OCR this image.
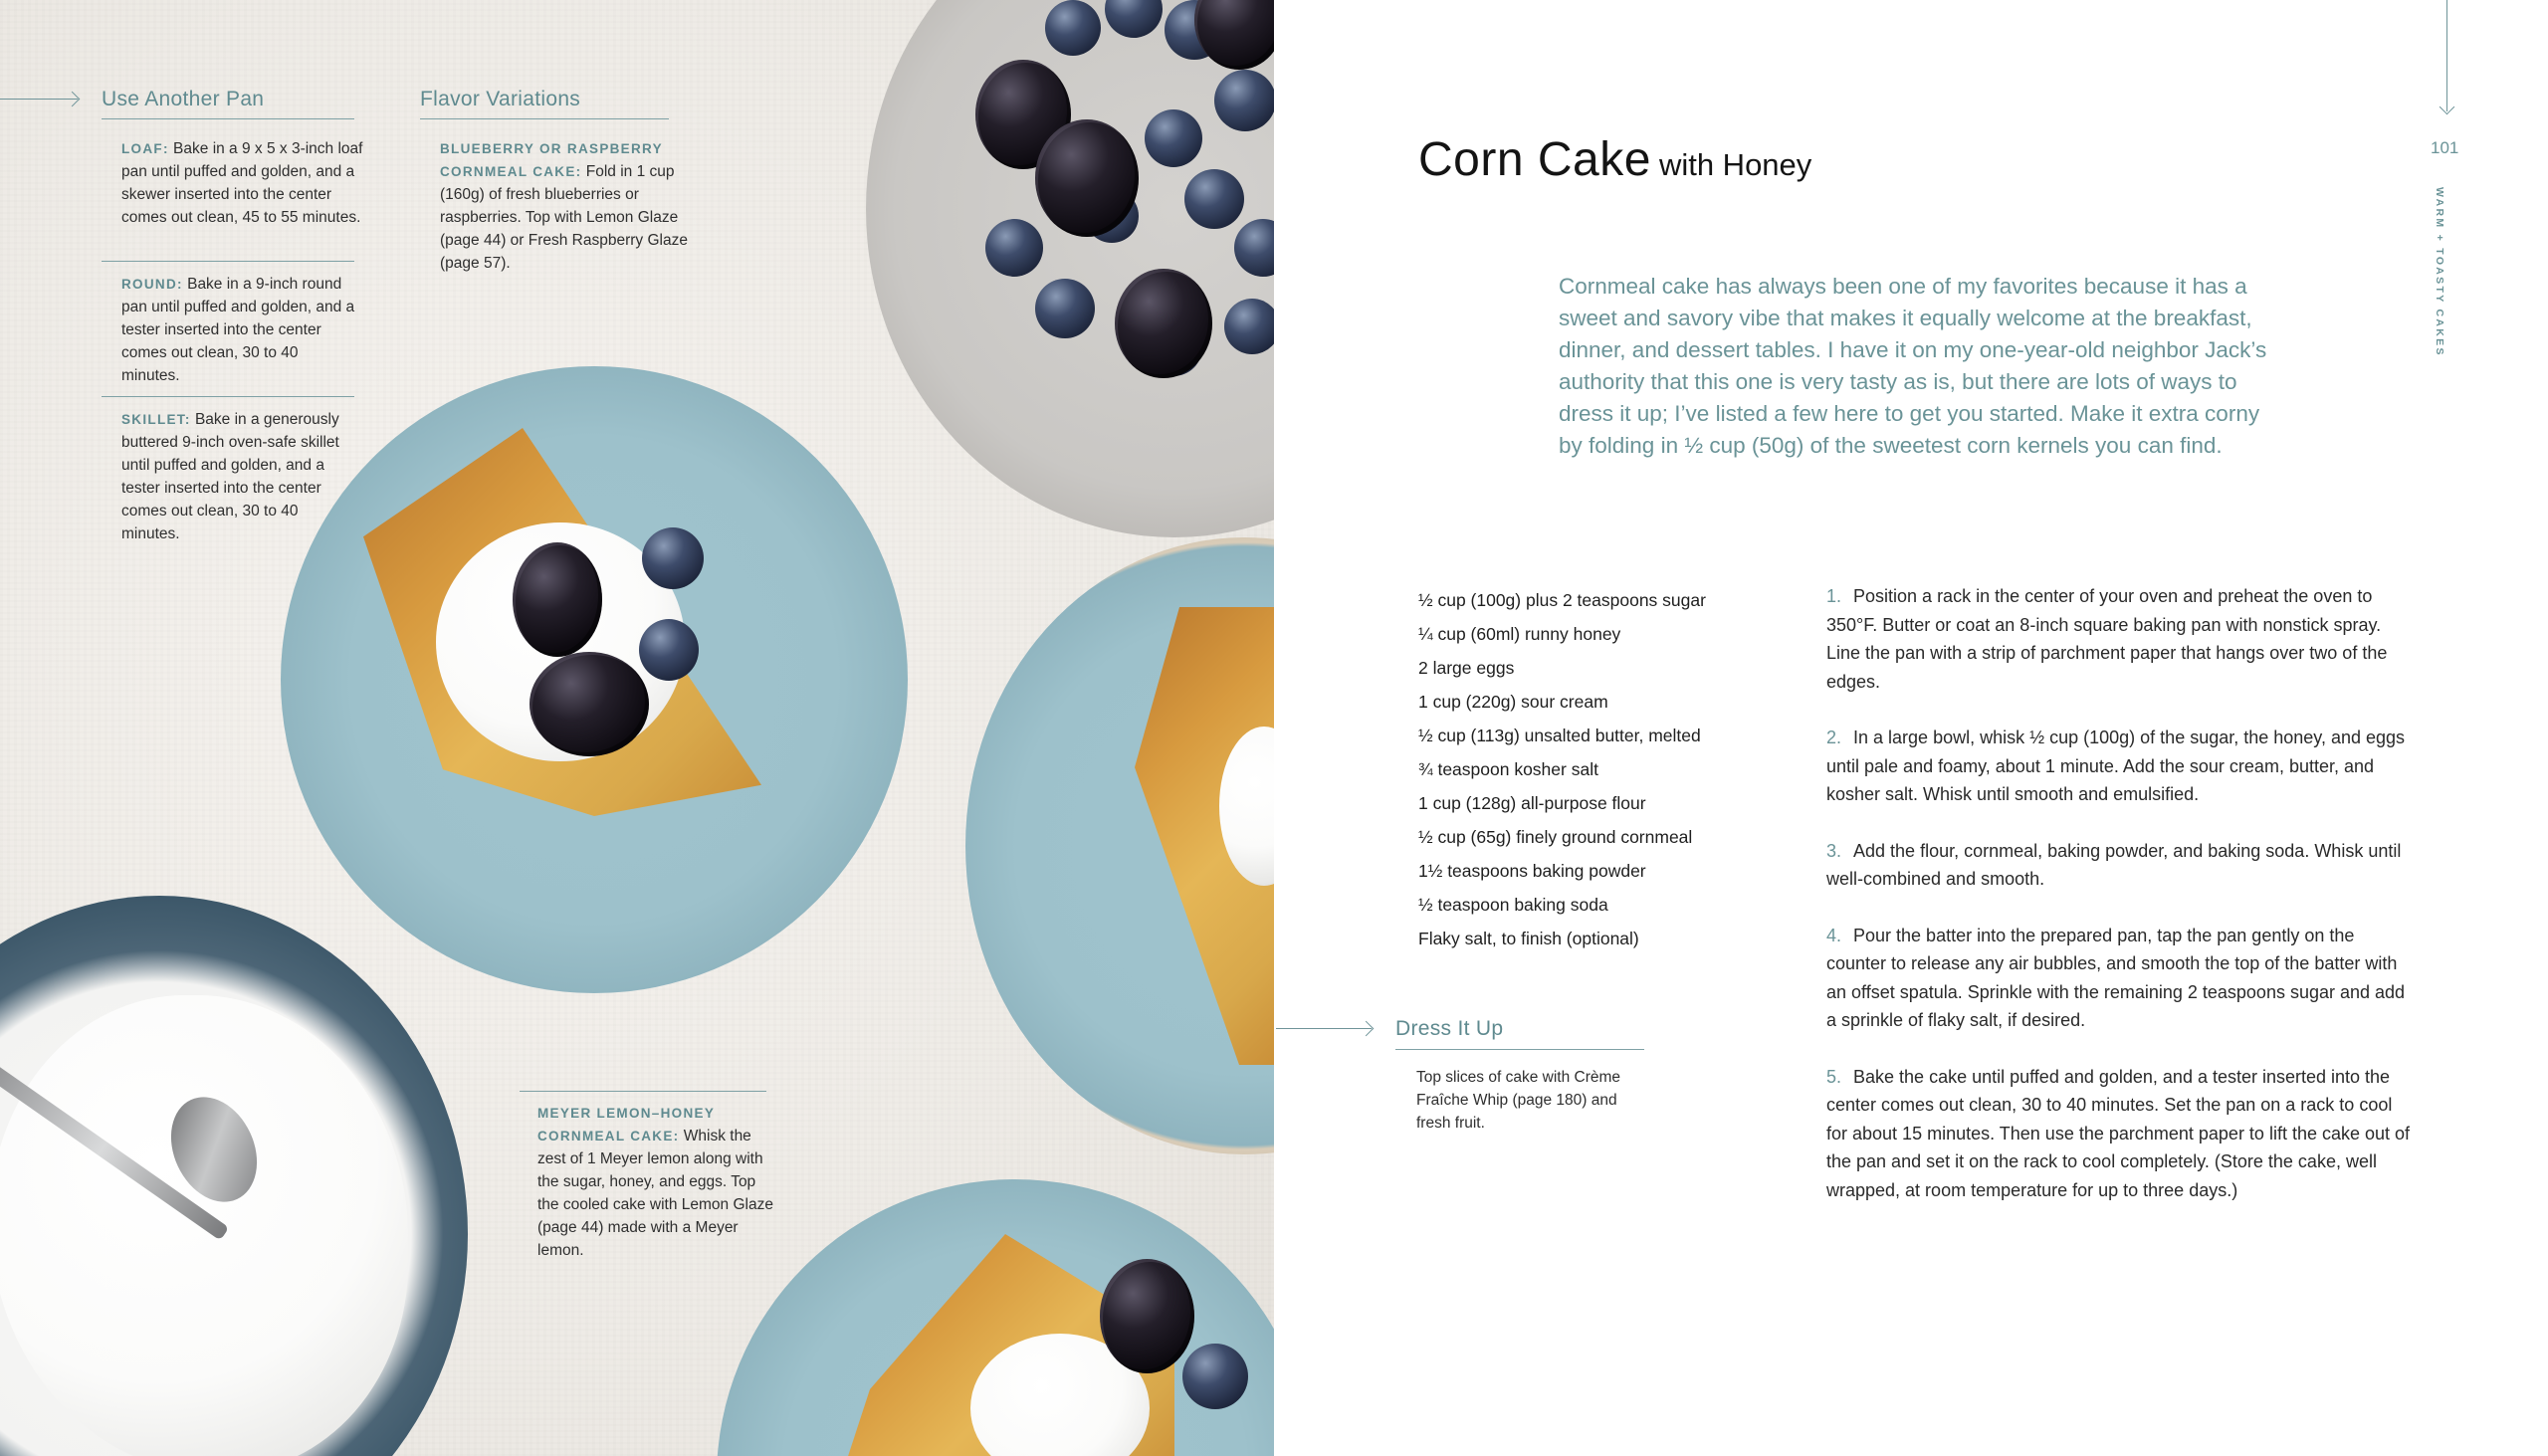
Use Another Pan
LOAF: Bake in a 9 x 5 x 3-inch loaf pan until puffed and golden, and a skewer inserted into the center comes out clean, 45 to 55 minutes.
ROUND: Bake in a 9-inch round pan until puffed and golden, and a tester inserted into the center comes out clean, 30 to 40 minutes.
SKILLET: Bake in a generously buttered 9-inch oven-safe skillet until puffed and golden, and a tester inserted into the center comes out clean, 30 to 40 minutes.
Flavor Variations
BLUEBERRY OR RASPBERRY CORNMEAL CAKE: Fold in 1 cup (160g) of fresh blueberries or raspberries. Top with Lemon Glaze (page 44) or Fresh Raspberry Glaze (page 57).
MEYER LEMON–HONEY CORNMEAL CAKE: Whisk the zest of 1 Meyer lemon along with the sugar, honey, and eggs. Top the cooled cake with Lemon Glaze (page 44) made with a Meyer lemon.
101
WARM + TOASTY CAKES
Corn Cake with Honey
Cornmeal cake has always been one of my favorites because it has a sweet and savory vibe that makes it equally welcome at the breakfast, dinner, and dessert tables. I have it on my one-year-old neighbor Jack’s authority that this one is very tasty as is, but there are lots of ways to dress it up; I’ve listed a few here to get you started. Make it extra corny by folding in ½ cup (50g) of the sweetest corn kernels you can find.
½ cup (100g) plus 2 teaspoons sugar
¼ cup (60ml) runny honey
2 large eggs
1 cup (220g) sour cream
½ cup (113g) unsalted butter, melted
¾ teaspoon kosher salt
1 cup (128g) all-purpose flour
½ cup (65g) finely ground cornmeal
1½ teaspoons baking powder
½ teaspoon baking soda
Flaky salt, to finish (optional)
Dress It Up
Top slices of cake with Crème Fraîche Whip (page 180) and fresh fruit.
1. Position a rack in the center of your oven and preheat the oven to 350°F. Butter or coat an 8-inch square baking pan with nonstick spray. Line the pan with a strip of parchment paper that hangs over two of the edges.
2. In a large bowl, whisk ½ cup (100g) of the sugar, the honey, and eggs until pale and foamy, about 1 minute. Add the sour cream, butter, and kosher salt. Whisk until smooth and emulsified.
3. Add the flour, cornmeal, baking powder, and baking soda. Whisk until well-combined and smooth.
4. Pour the batter into the prepared pan, tap the pan gently on the counter to release any air bubbles, and smooth the top of the batter with an offset spatula. Sprinkle with the remaining 2 teaspoons sugar and add a sprinkle of flaky salt, if desired.
5. Bake the cake until puffed and golden, and a tester inserted into the center comes out clean, 30 to 40 minutes. Set the pan on a rack to cool for about 15 minutes. Then use the parchment paper to lift the cake out of the pan and set it on the rack to cool completely. (Store the cake, well wrapped, at room temperature for up to three days.)
